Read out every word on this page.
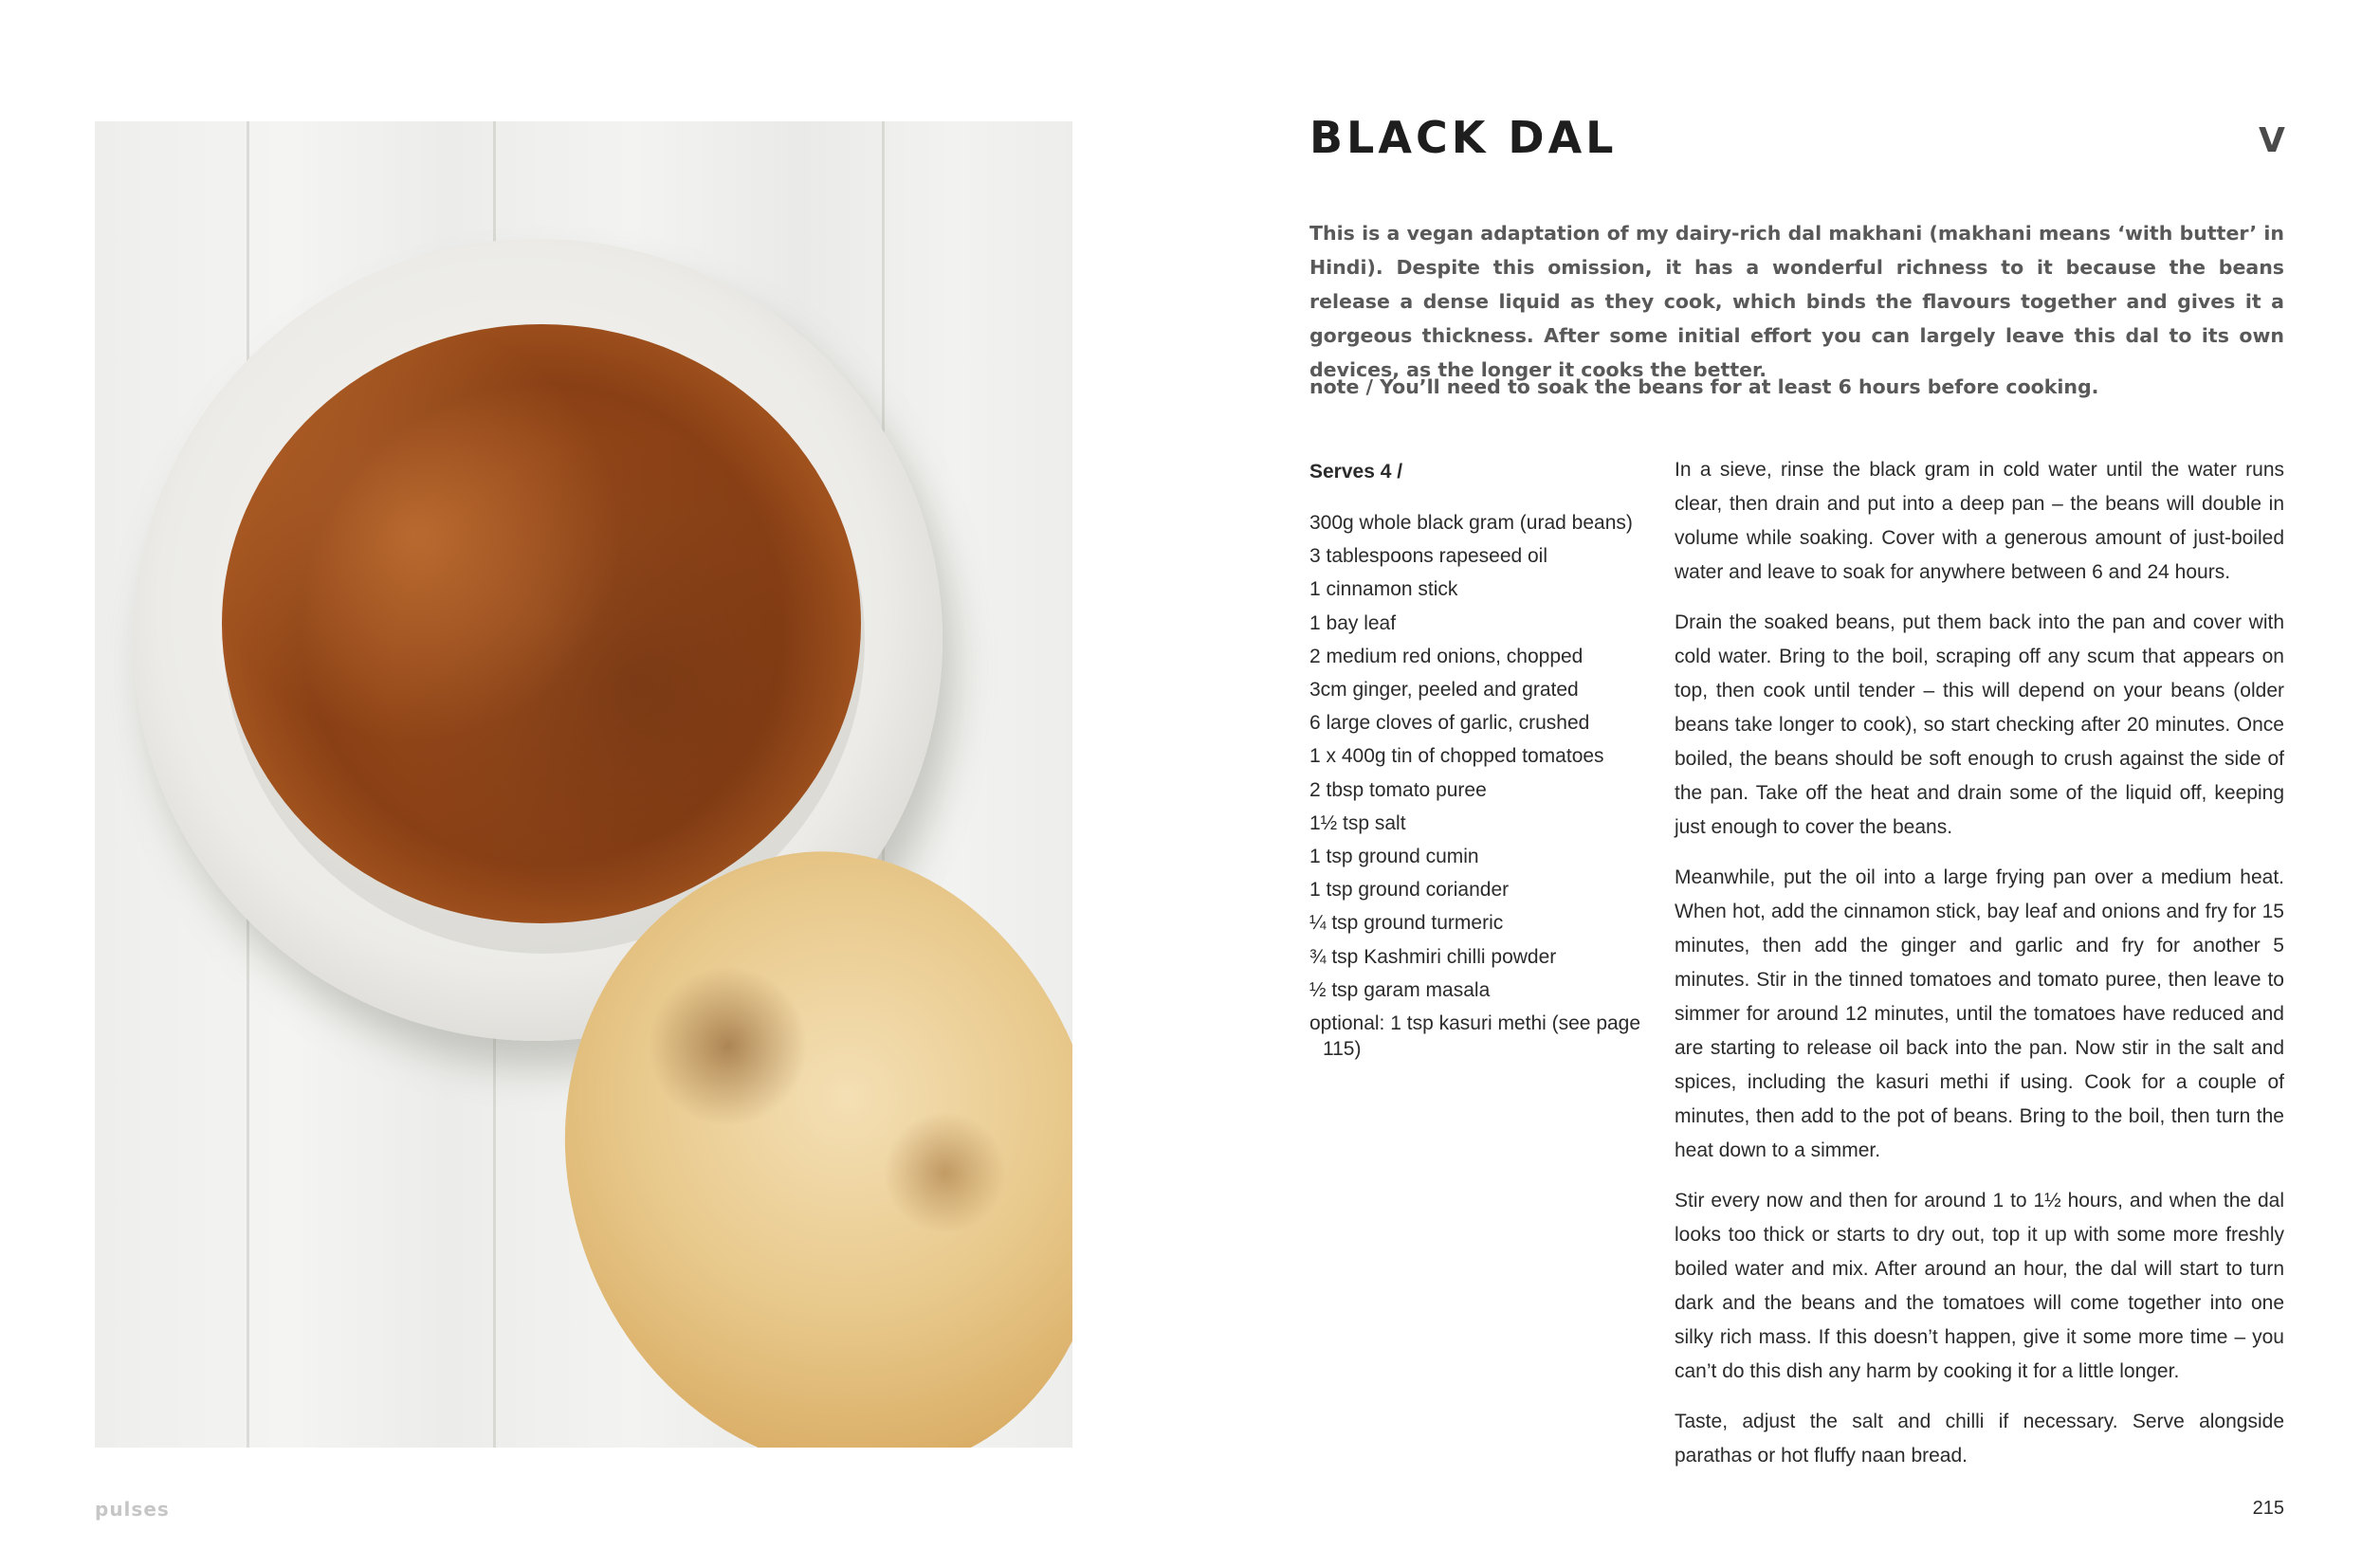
BLACK DAL	V

This is a vegan adaptation of my dairy-rich dal makhani (makhani means ‘with butter’ in Hindi). Despite this omission, it has a wonderful richness to it because the beans release a dense liquid as they cook, which binds the flavours together and gives it a gorgeous thickness. After some initial effort you can largely leave this dal to its own devices, as the longer it cooks the better.

note / You’ll need to soak the beans for at least 6 hours before cooking.

Serves 4 /

300g whole black gram (urad beans)
3 tablespoons rapeseed oil
1 cinnamon stick
1 bay leaf
2 medium red onions, chopped
3cm ginger, peeled and grated
6 large cloves of garlic, crushed
1 x 400g tin of chopped tomatoes
2 tbsp tomato puree
1½ tsp salt
1 tsp ground cumin
1 tsp ground coriander
¼ tsp ground turmeric
¾ tsp Kashmiri chilli powder
½ tsp garam masala
optional: 1 tsp kasuri methi (see page 115)

In a sieve, rinse the black gram in cold water until the water runs clear, then drain and put into a deep pan – the beans will double in volume while soaking. Cover with a generous amount of just-boiled water and leave to soak for anywhere between 6 and 24 hours.

Drain the soaked beans, put them back into the pan and cover with cold water. Bring to the boil, scraping off any scum that appears on top, then cook until tender – this will depend on your beans (older beans take longer to cook), so start checking after 20 minutes. Once boiled, the beans should be soft enough to crush against the side of the pan. Take off the heat and drain some of the liquid off, keeping just enough to cover the beans.

Meanwhile, put the oil into a large frying pan over a medium heat. When hot, add the cinnamon stick, bay leaf and onions and fry for 15 minutes, then add the ginger and garlic and fry for another 5 minutes. Stir in the tinned tomatoes and tomato puree, then leave to simmer for around 12 minutes, until the tomatoes have reduced and are starting to release oil back into the pan. Now stir in the salt and spices, including the kasuri methi if using. Cook for a couple of minutes, then add to the pot of beans. Bring to the boil, then turn the heat down to a simmer.

Stir every now and then for around 1 to 1½ hours, and when the dal looks too thick or starts to dry out, top it up with some more freshly boiled water and mix. After around an hour, the dal will start to turn dark and the beans and the tomatoes will come together into one silky rich mass. If this doesn’t happen, give it some more time – you can’t do this dish any harm by cooking it for a little longer.

Taste, adjust the salt and chilli if necessary. Serve alongside parathas or hot fluffy naan bread.

pulses	215
